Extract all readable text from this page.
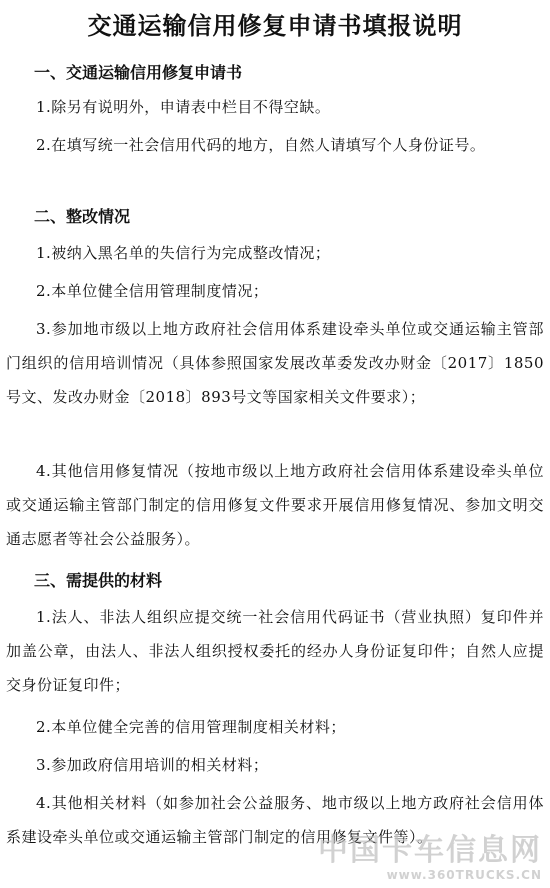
交通运输信用修复申请书填报说明
一、交通运输信用修复申请书

1.除另有说明外，申请表中栏目不得空缺。

2.在填写统一社会信用代码的地方，自然人请填写个人身份证号。

二、整改情况

1.被纳入黑名单的失信行为完成整改情况；

2.本单位健全信用管理制度情况；

3.参加地市级以上地方政府社会信用体系建设牵头单位或交通运输主管部门组织的信用培训情况（具体参照国家发展改革委发改办财金〔2017〕1850号文、发改办财金〔2018〕893号文等国家相关文件要求）；

4.其他信用修复情况（按地市级以上地方政府社会信用体系建设牵头单位或交通运输主管部门制定的信用修复文件要求开展信用修复情况、参加文明交通志愿者等社会公益服务）。

三、需提供的材料

1.法人、非法人组织应提交统一社会信用代码证书（营业执照）复印件并加盖公章，由法人、非法人组织授权委托的经办人身份证复印件；自然人应提交身份证复印件；

2.本单位健全完善的信用管理制度相关材料；

3.参加政府信用培训的相关材料；

4.其他相关材料（如参加社会公益服务、地市级以上地方政府社会信用体系建设牵头单位或交通运输主管部门制定的信用修复文件等）。

中国卡车信息网
www.360TRUCKS.CN
